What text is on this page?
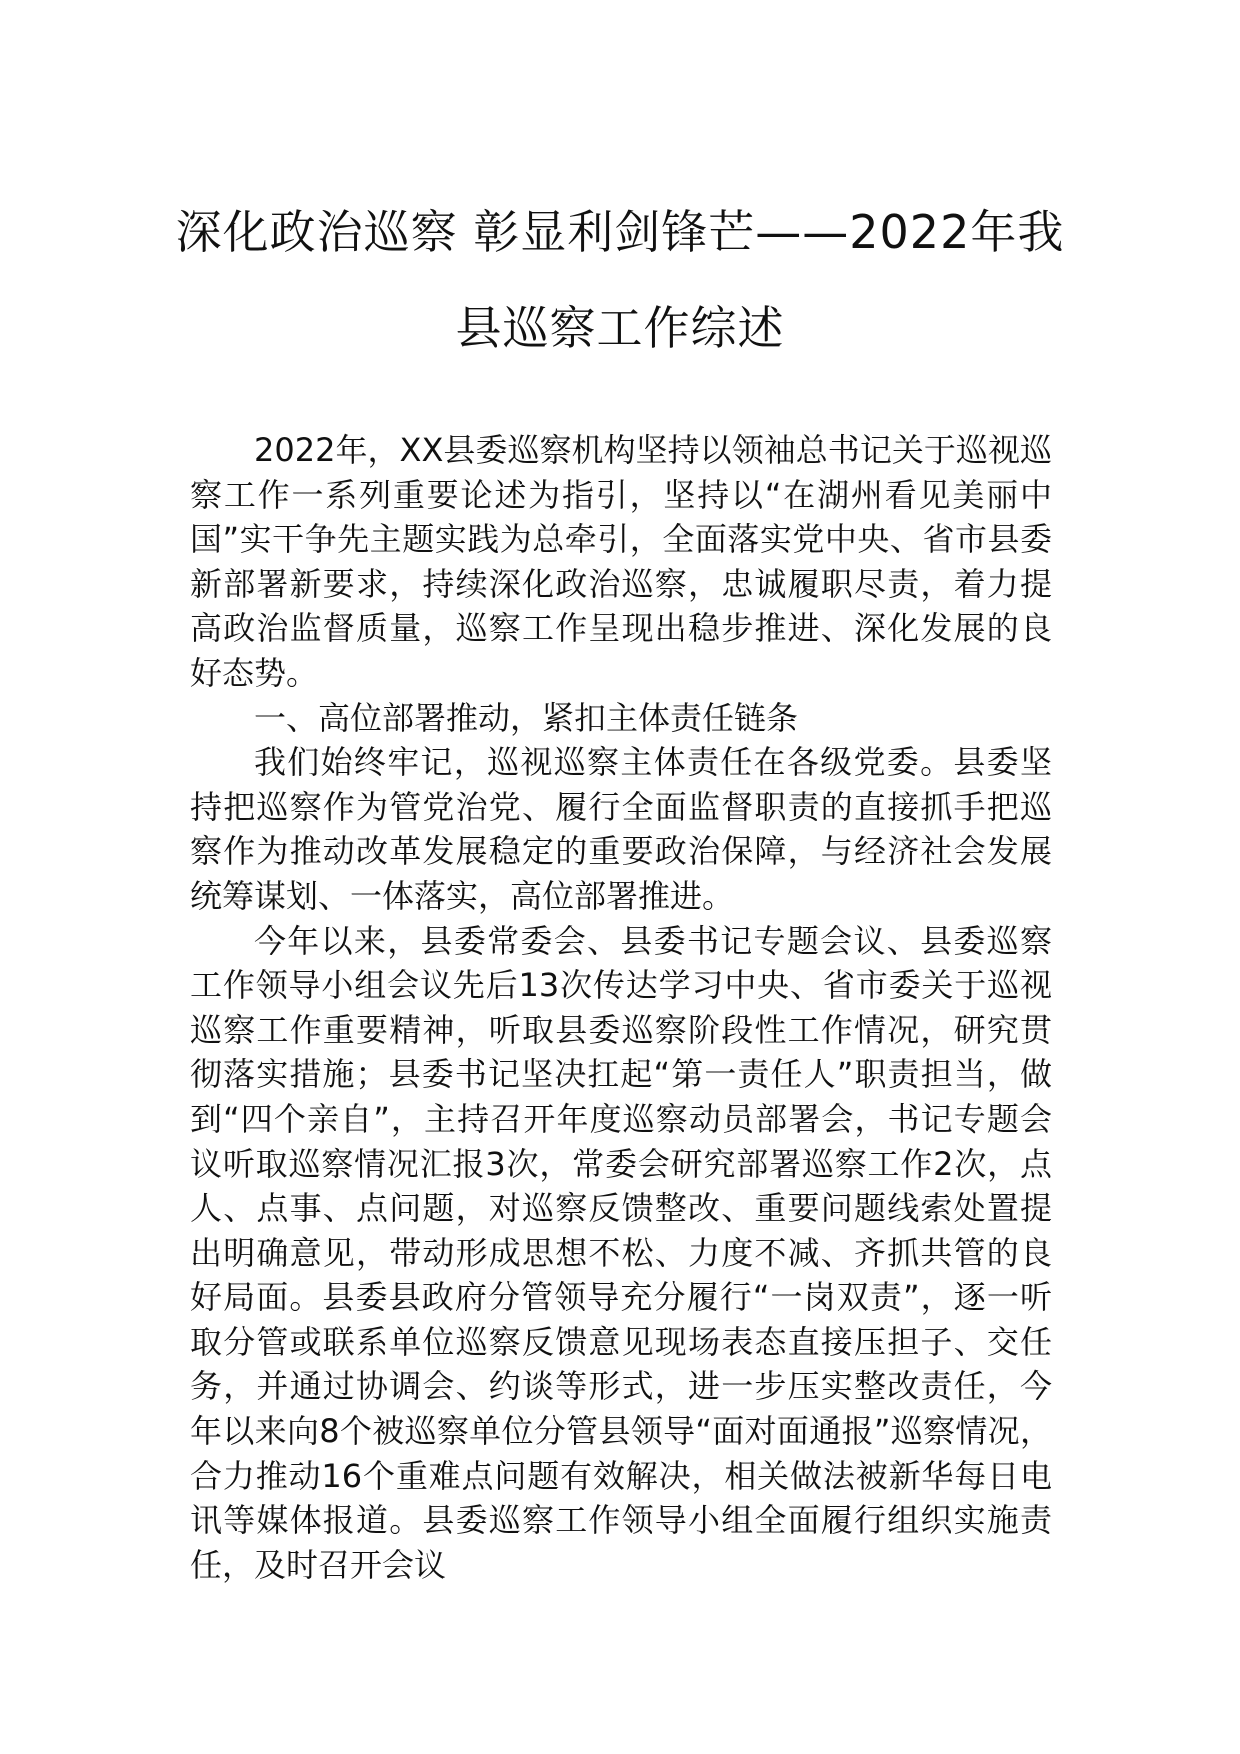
深化政治巡察 彰显利剑锋芒——2022年我县巡察工作综述

2022年，XX县委巡察机构坚持以领袖总书记关于巡视巡察工作一系列重要论述为指引，坚持以“在湖州看见美丽中国”实干争先主题实践为总牵引，全面落实党中央、省市县委新部署新要求，持续深化政治巡察，忠诚履职尽责，着力提高政治监督质量，巡察工作呈现出稳步推进、深化发展的良好态势。

一、高位部署推动，紧扣主体责任链条

我们始终牢记，巡视巡察主体责任在各级党委。县委坚持把巡察作为管党治党、履行全面监督职责的直接抓手把巡察作为推动改革发展稳定的重要政治保障，与经济社会发展统筹谋划、一体落实，高位部署推进。

今年以来，县委常委会、县委书记专题会议、县委巡察工作领导小组会议先后13次传达学习中央、省市委关于巡视巡察工作重要精神，听取县委巡察阶段性工作情况，研究贯彻落实措施；县委书记坚决扛起“第一责任人”职责担当，做到“四个亲自”，主持召开年度巡察动员部署会，书记专题会议听取巡察情况汇报3次，常委会研究部署巡察工作2次，点人、点事、点问题，对巡察反馈整改、重要问题线索处置提出明确意见，带动形成思想不松、力度不减、齐抓共管的良好局面。县委县政府分管领导充分履行“一岗双责”，逐一听取分管或联系单位巡察反馈意见现场表态直接压担子、交任务，并通过协调会、约谈等形式，进一步压实整改责任，今年以来向8个被巡察单位分管县领导“面对面通报”巡察情况，合力推动16个重难点问题有效解决，相关做法被新华每日电讯等媒体报道。县委巡察工作领导小组全面履行组织实施责任，及时召开会议
